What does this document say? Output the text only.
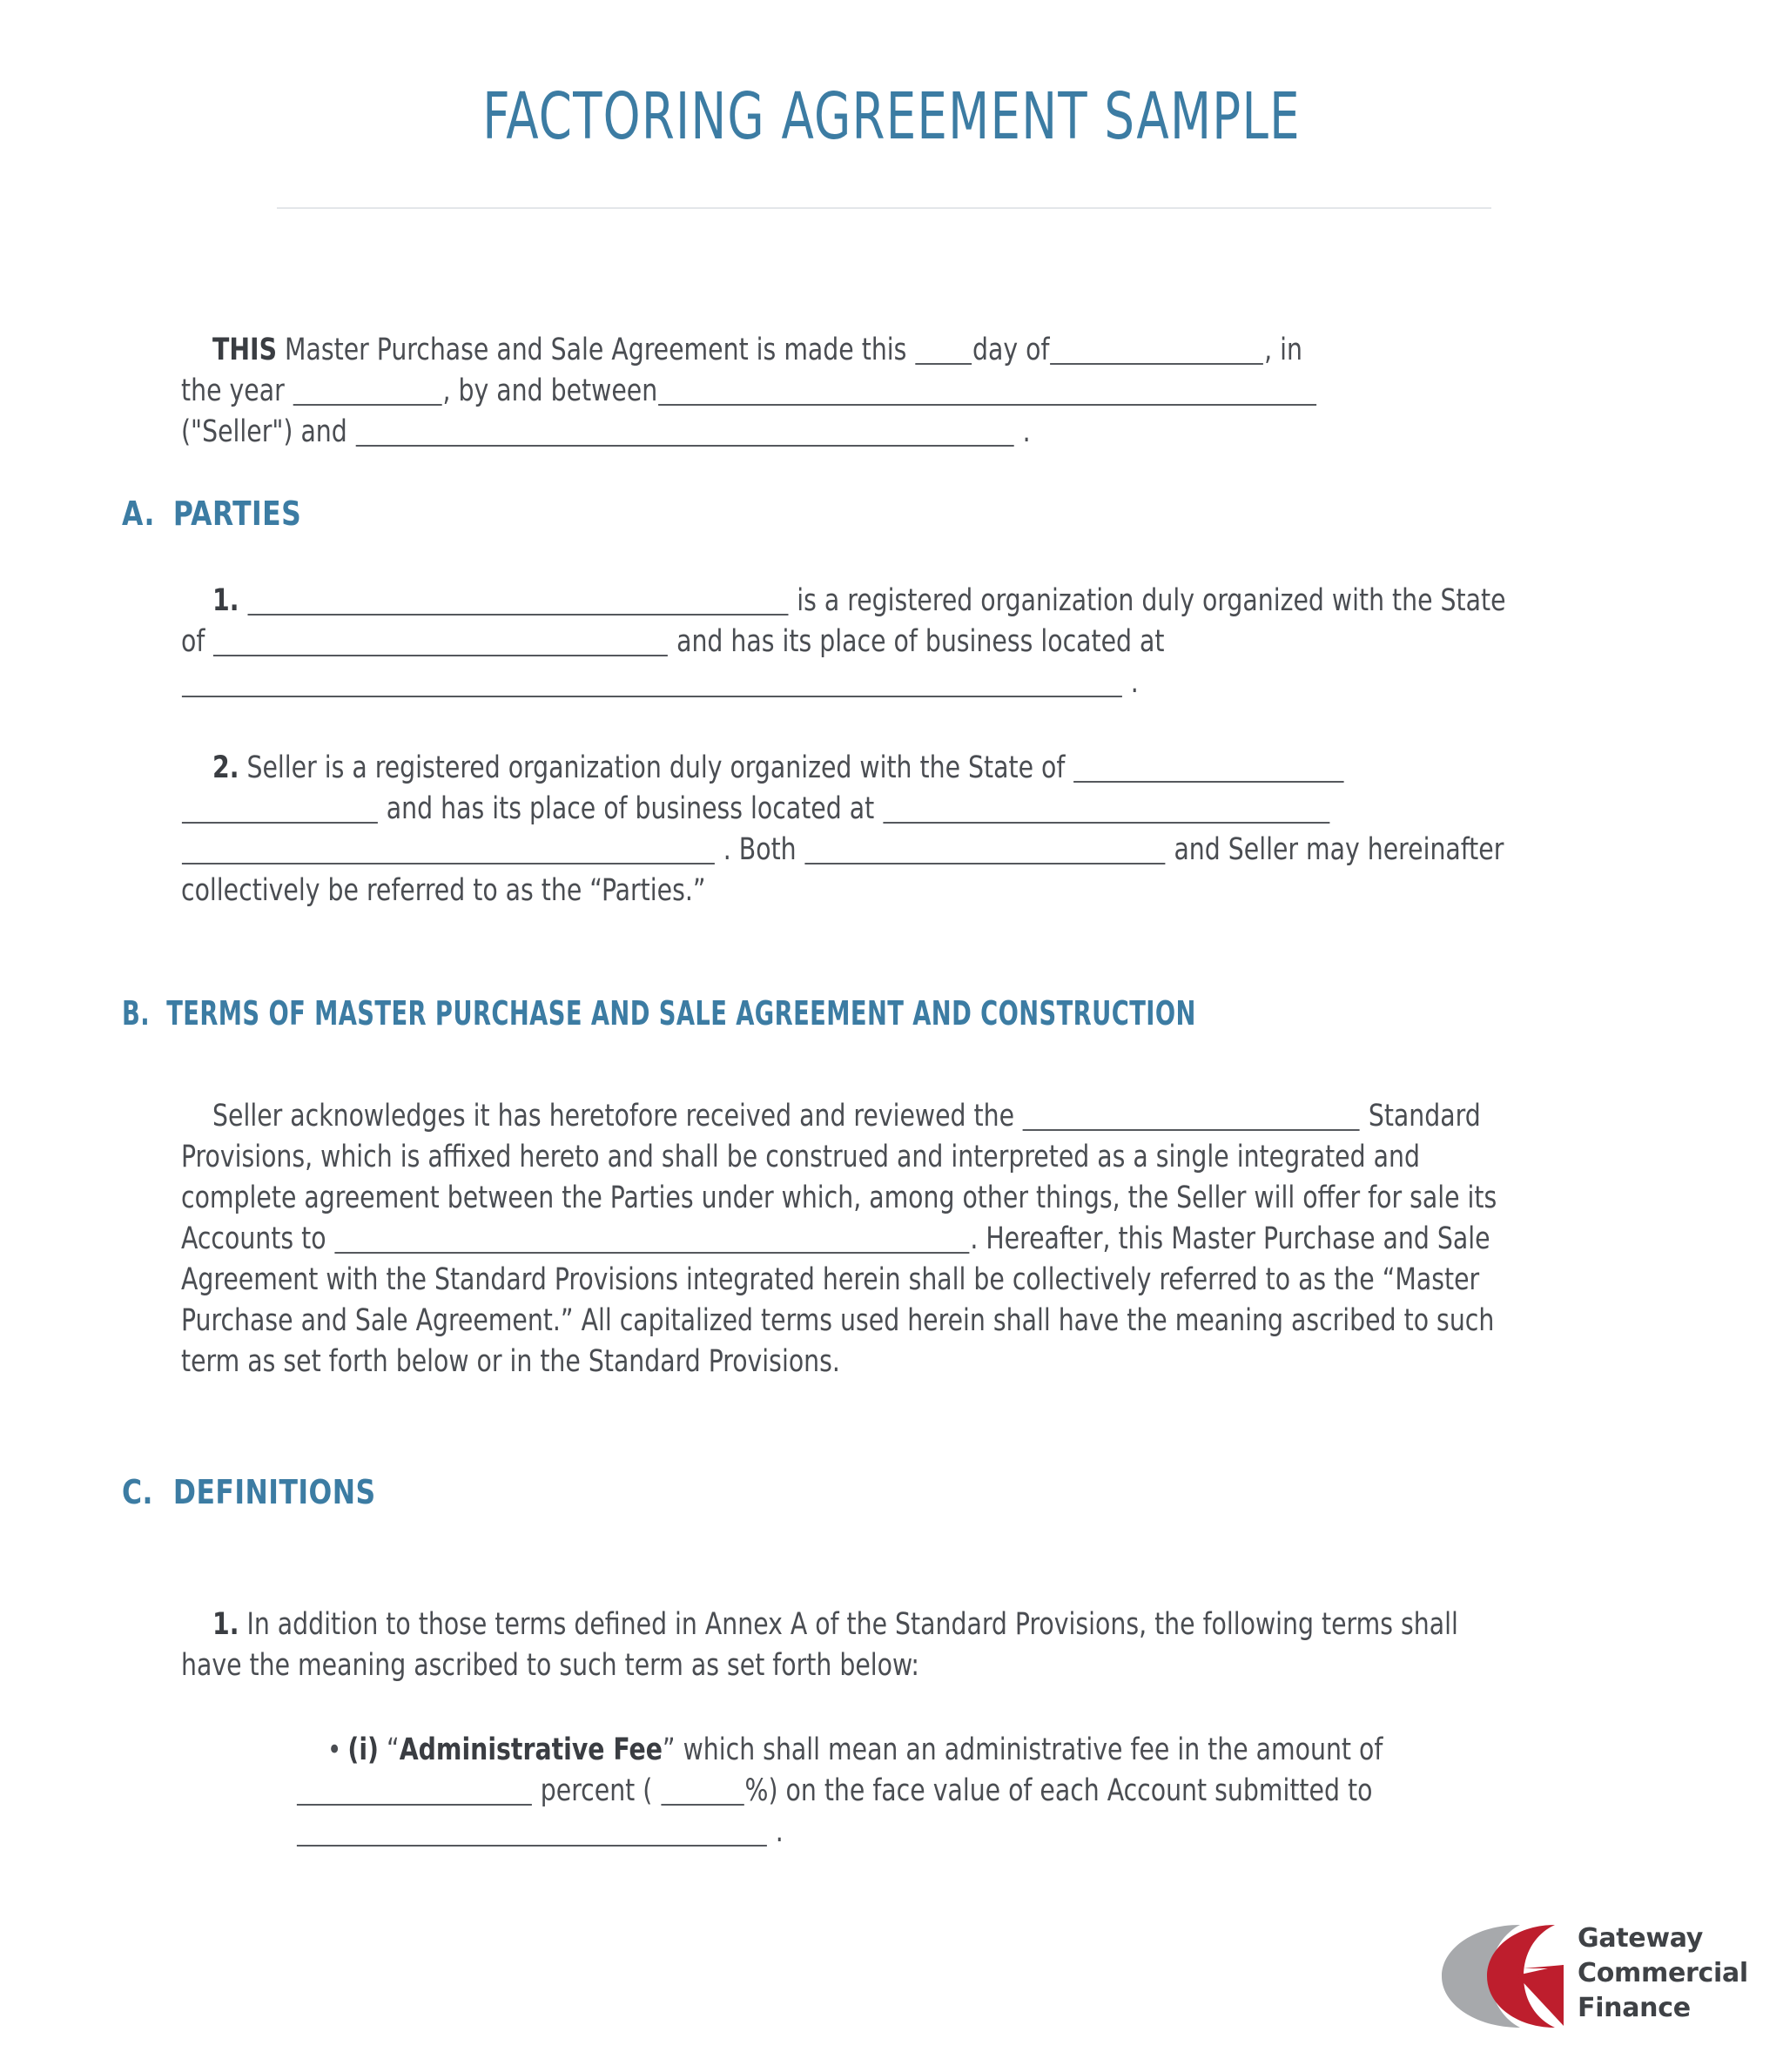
FACTORING AGREEMENT SAMPLE

THIS Master Purchase and Sale Agreement is made this day of	, in
the year	, by and between
("Seller") and	.

A. PARTIES

1.	is a registered organization duly organized with the State of	and has its place of business located at  .

2. Seller is a registered organization duly organized with the State of  and has its place of business located at  . Both	and Seller may hereinafter collectively be referred to as the “Parties.”

B. TERMS OF MASTER PURCHASE AND SALE AGREEMENT AND CONSTRUCTION

Seller acknowledges it has heretofore received and reviewed the	Standard Provisions, which is affixed hereto and shall be construed and interpreted as a single integrated and complete agreement between the Parties under which, among other things, the Seller will offer for sale its Accounts to	. Hereafter, this Master Purchase and Sale Agreement with the Standard Provisions integrated herein shall be collectively referred to as the “Master Purchase and Sale Agreement.” All capitalized terms used herein shall have the meaning ascribed to such term as set forth below or in the Standard Provisions.

C. DEFINITIONS

1. In addition to those terms defined in Annex A of the Standard Provisions, the following terms shall have the meaning ascribed to such term as set forth below:

• (i) “Administrative Fee” which shall mean an administrative fee in the amount of  percent (	%) on the face value of each Account submitted to  .

Gateway
Commercial
Finance
